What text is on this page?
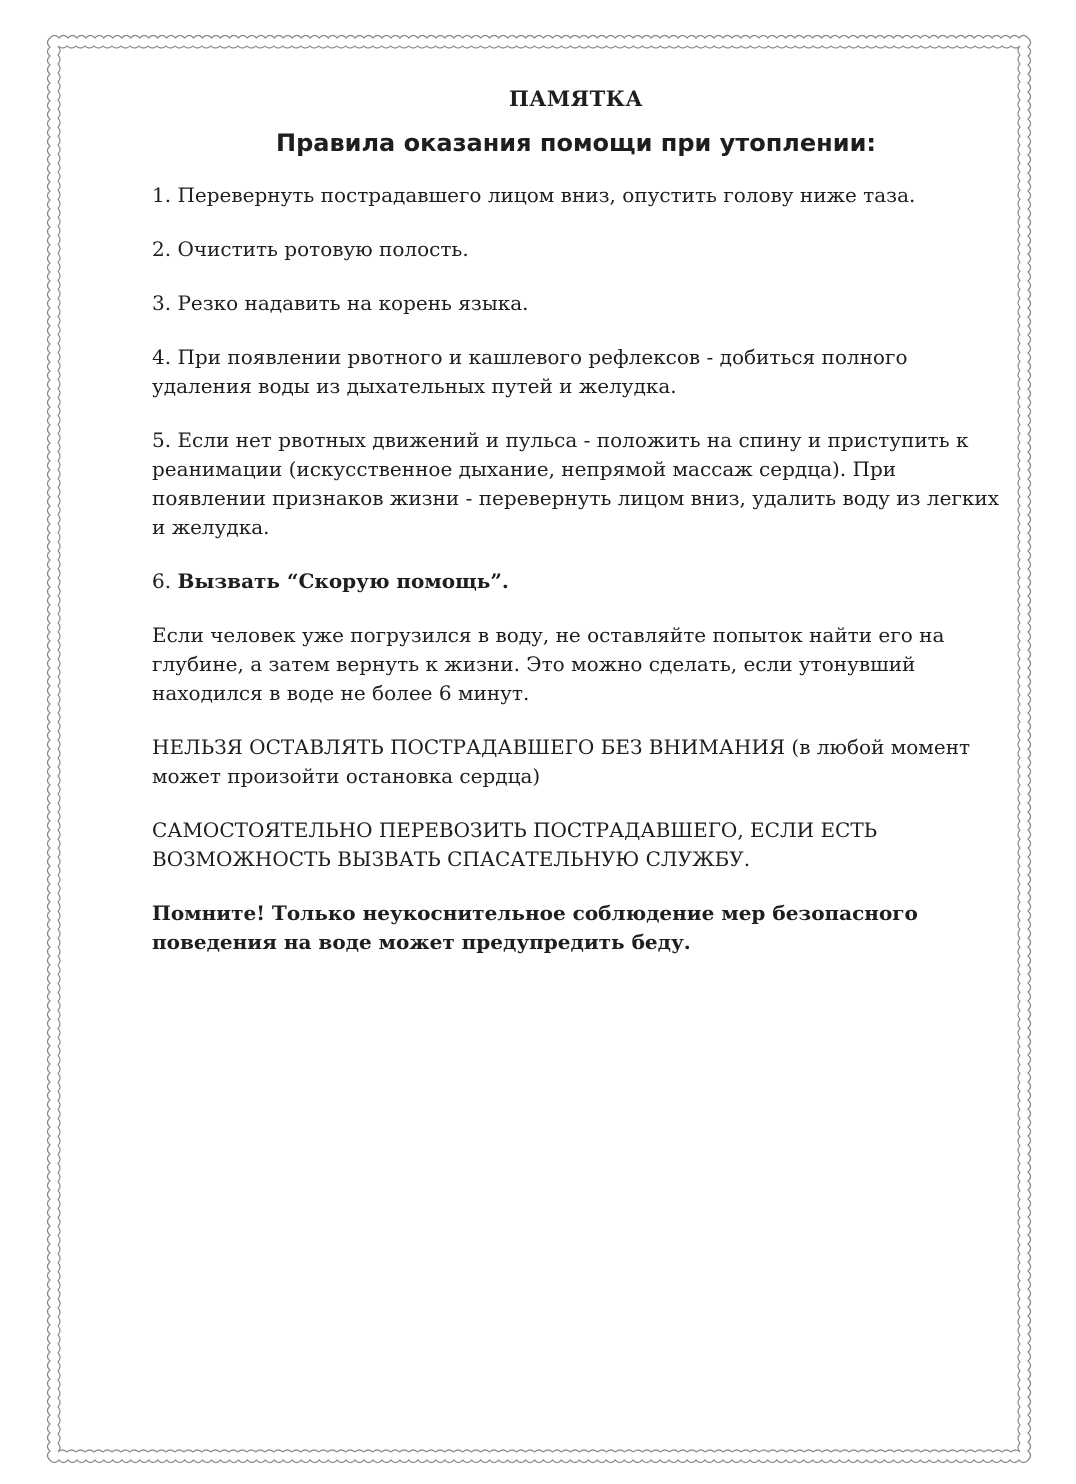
ПАМЯТКА
Правила оказания помощи при утоплении:

1. Перевернуть пострадавшего лицом вниз, опустить голову ниже таза.

2. Очистить ротовую полость.

3. Резко надавить на корень языка.

4. При появлении рвотного и кашлевого рефлексов - добиться полного удаления воды из дыхательных путей и желудка.

5. Если нет рвотных движений и пульса - положить на спину и приступить к реанимации (искусственное дыхание, непрямой массаж сердца). При появлении признаков жизни - перевернуть лицом вниз, удалить воду из легких и желудка.

6. Вызвать “Скорую помощь”.

Если человек уже погрузился в воду, не оставляйте попыток найти его на глубине, а затем вернуть к жизни. Это можно сделать, если утонувший находился в воде не более 6 минут.

НЕЛЬЗЯ ОСТАВЛЯТЬ ПОСТРАДАВШЕГО БЕЗ ВНИМАНИЯ (в любой момент может произойти остановка сердца)

САМОСТОЯТЕЛЬНО ПЕРЕВОЗИТЬ ПОСТРАДАВШЕГО, ЕСЛИ ЕСТЬ ВОЗМОЖНОСТЬ ВЫЗВАТЬ СПАСАТЕЛЬНУЮ СЛУЖБУ.

Помните! Только неукоснительное соблюдение мер безопасного поведения на воде может предупредить беду.
